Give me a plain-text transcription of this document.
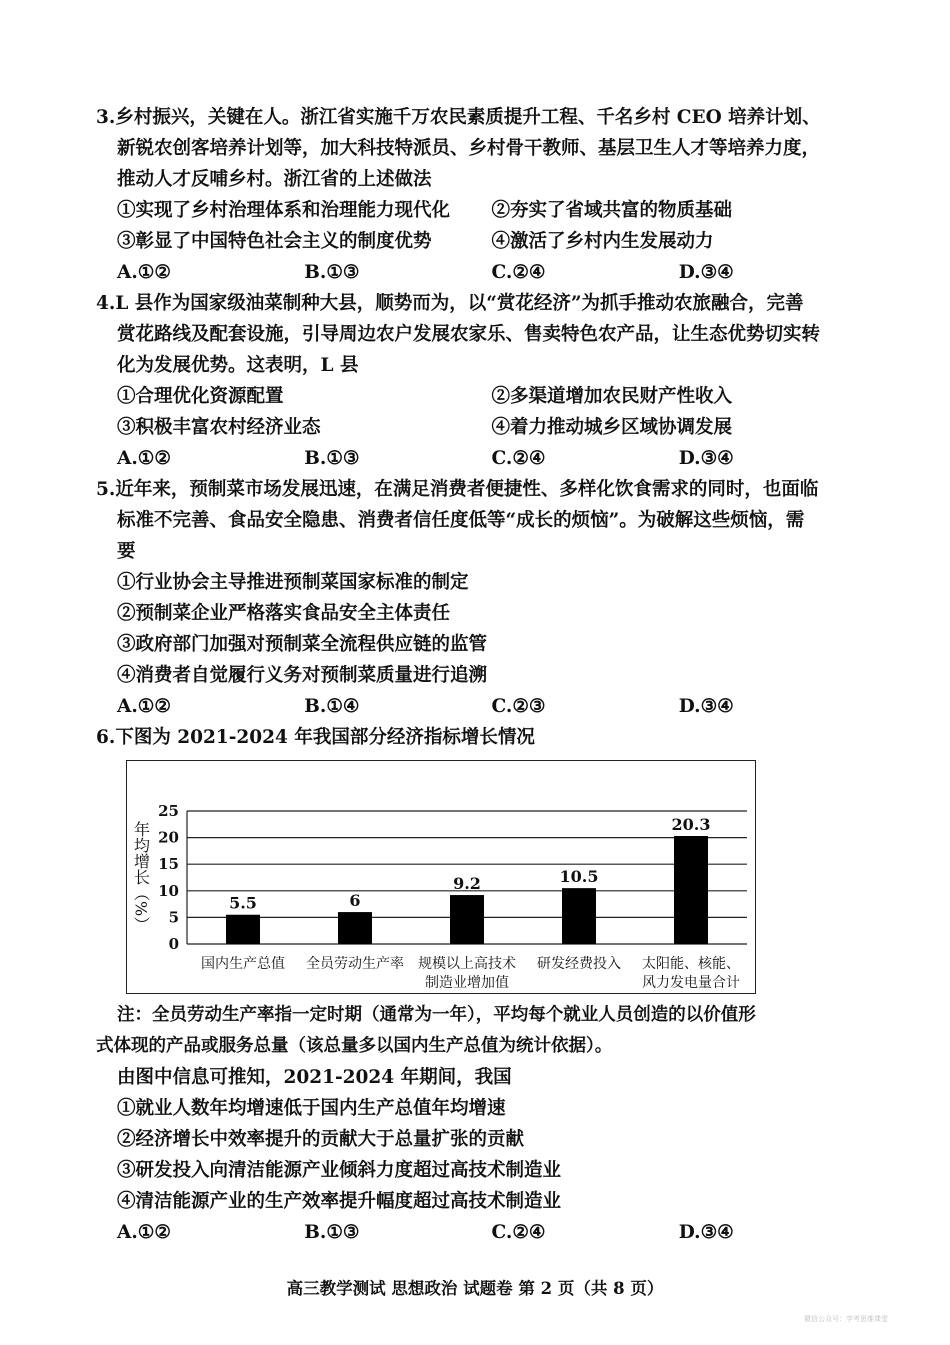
3.乡村振兴，关键在人。浙江省实施千万农民素质提升工程、千名乡村 CEO 培养计划、
新锐农创客培养计划等，加大科技特派员、乡村骨干教师、基层卫生人才等培养力度，
推动人才反哺乡村。浙江省的上述做法
①实现了乡村治理体系和治理能力现代化	②夯实了省域共富的物质基础
③彰显了中国特色社会主义的制度优势	④激活了乡村内生发展动力
A.①②	B.①③	C.②④	D.③④
4.L 县作为国家级油菜制种大县，顺势而为，以“赏花经济”为抓手推动农旅融合，完善
赏花路线及配套设施，引导周边农户发展农家乐、售卖特色农产品，让生态优势切实转
化为发展优势。这表明，L 县
①合理优化资源配置	②多渠道增加农民财产性收入
③积极丰富农村经济业态	④着力推动城乡区域协调发展
A.①②	B.①③	C.②④	D.③④
5.近年来，预制菜市场发展迅速，在满足消费者便捷性、多样化饮食需求的同时，也面临
标准不完善、食品安全隐患、消费者信任度低等“成长的烦恼”。为破解这些烦恼，需
要
①行业协会主导推进预制菜国家标准的制定
②预制菜企业严格落实食品安全主体责任
③政府部门加强对预制菜全流程供应链的监管
④消费者自觉履行义务对预制菜质量进行追溯
A.①②	B.①④	C.②③	D.③④
6.下图为 2021-2024 年我国部分经济指标增长情况
0
5
10
15
20
25
5.5	6
9.2	10.5
20.3
国内生产总值 全员劳动生产率 规模以上高技术
制造业增加值
研发经费投入 太阳能、核能、
风力发电量合计
年均增长（%）
注：全员劳动生产率指一定时期（通常为一年），平均每个就业人员创造的以价值形
式体现的产品或服务总量（该总量多以国内生产总值为统计依据）。
由图中信息可推知，2021-2024 年期间，我国
①就业人数年均增速低于国内生产总值年均增速
②经济增长中效率提升的贡献大于总量扩张的贡献
③研发投入向清洁能源产业倾斜力度超过高技术制造业
④清洁能源产业的生产效率提升幅度超过高技术制造业
A.①②	B.①③	C.②④	D.③④
高三教学测试 思想政治 试题卷 第 2 页（共 8 页）
微信公众号：学考思维课堂
